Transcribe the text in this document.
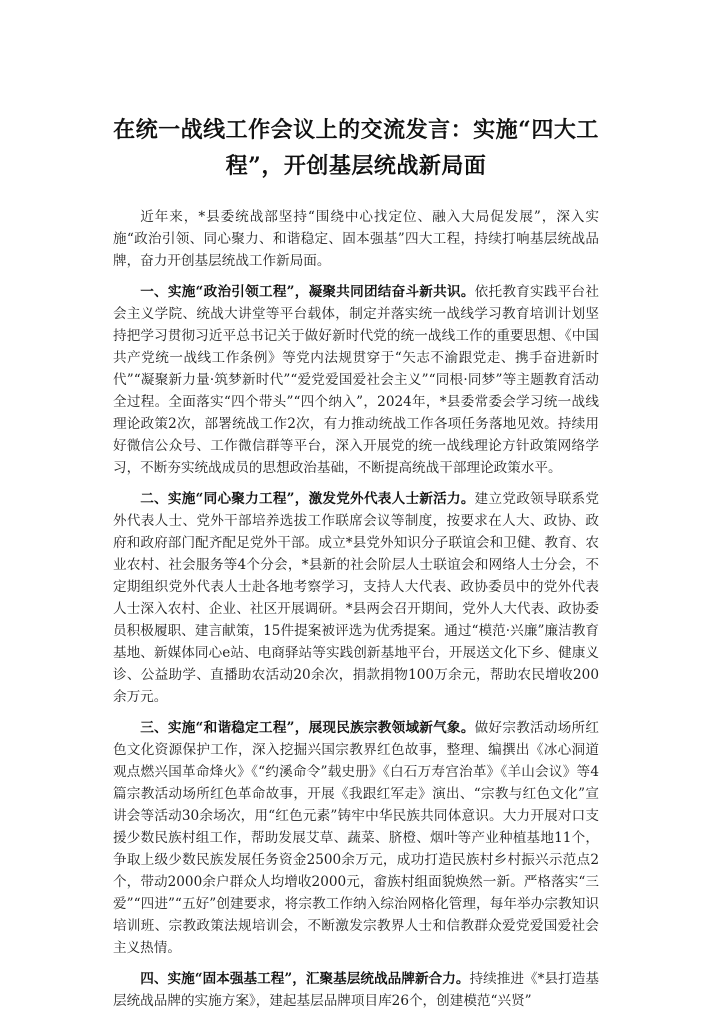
在统一战线工作会议上的交流发言：实施“四大工程”，开创基层统战新局面

近年来，*县委统战部坚持“围绕中心找定位、融入大局促发展”，深入实施“政治引领、同心聚力、和谐稳定、固本强基”四大工程，持续打响基层统战品牌，奋力开创基层统战工作新局面。

一、实施“政治引领工程”，凝聚共同团结奋斗新共识。依托教育实践平台社会主义学院、统战大讲堂等平台载体，制定并落实统一战线学习教育培训计划坚持把学习贯彻习近平总书记关于做好新时代党的统一战线工作的重要思想、《中国共产党统一战线工作条例》等党内法规贯穿于“矢志不渝跟党走、携手奋进新时代”“凝聚新力量·筑梦新时代”“爱党爱国爱社会主义”“同根·同梦”等主题教育活动全过程。全面落实“四个带头”“四个纳入”，2024年，*县委常委会学习统一战线理论政策2次，部署统战工作2次，有力推动统战工作各项任务落地见效。持续用好微信公众号、工作微信群等平台，深入开展党的统一战线理论方针政策网络学习，不断夯实统战成员的思想政治基础，不断提高统战干部理论政策水平。

二、实施“同心聚力工程”，激发党外代表人士新活力。建立党政领导联系党外代表人士、党外干部培养选拔工作联席会议等制度，按要求在人大、政协、政府和政府部门配齐配足党外干部。成立*县党外知识分子联谊会和卫健、教育、农业农村、社会服务等4个分会，*县新的社会阶层人士联谊会和网络人士分会，不定期组织党外代表人士赴各地考察学习，支持人大代表、政协委员中的党外代表人士深入农村、企业、社区开展调研。*县两会召开期间，党外人大代表、政协委员积极履职、建言献策，15件提案被评选为优秀提案。通过“模范·兴廉”廉洁教育基地、新媒体同心e站、电商驿站等实践创新基地平台，开展送文化下乡、健康义诊、公益助学、直播助农活动20余次，捐款捐物100万余元，帮助农民增收200余万元。

三、实施“和谐稳定工程”，展现民族宗教领域新气象。做好宗教活动场所红色文化资源保护工作，深入挖掘兴国宗教界红色故事，整理、编撰出《冰心洞道观点燃兴国革命烽火》《“约溪命令”载史册》《白石万寿宫治革》《羊山会议》等4篇宗教活动场所红色革命故事，开展《我跟红军走》演出、“宗教与红色文化”宣讲会等活动30余场次，用“红色元素”铸牢中华民族共同体意识。大力开展对口支援少数民族村组工作，帮助发展艾草、蔬菜、脐橙、烟叶等产业种植基地11个，争取上级少数民族发展任务资金2500余万元，成功打造民族村乡村振兴示范点2个，带动2000余户群众人均增收2000元，畲族村组面貌焕然一新。严格落实“三爱”“四进”“五好”创建要求，将宗教工作纳入综治网格化管理，每年举办宗教知识培训班、宗教政策法规培训会，不断激发宗教界人士和信教群众爱党爱国爱社会主义热情。

四、实施“固本强基工程”，汇聚基层统战品牌新合力。持续推进《*县打造基层统战品牌的实施方案》，建起基层品牌项目库26个，创建模范“兴贤”
